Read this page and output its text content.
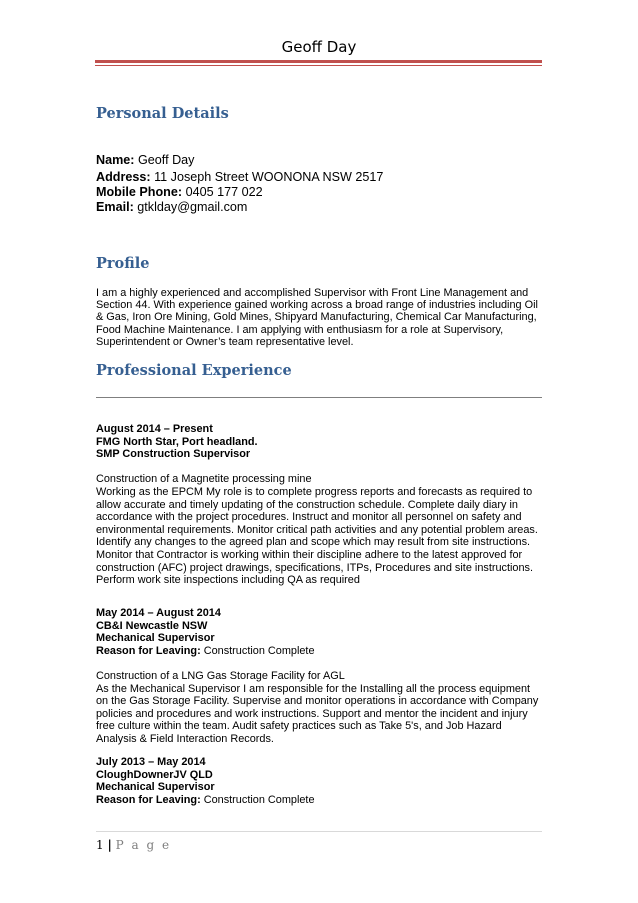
Geoff Day
Personal Details
Name: Geoff Day
Address: 11 Joseph Street WOONONA NSW 2517
Mobile Phone: 0405 177 022
Email: gtklday@gmail.com
Profile
I am a highly experienced and accomplished Supervisor with Front Line Management and Section 44. With experience gained working across a broad range of industries including Oil & Gas, Iron Ore Mining, Gold Mines, Shipyard Manufacturing, Chemical Car Manufacturing, Food Machine Maintenance. I am applying with enthusiasm for a role at Supervisory, Superintendent or Owner’s team representative level.
Professional Experience
August 2014 – Present
FMG North Star, Port headland.
SMP Construction Supervisor
Construction of a Magnetite processing mine
Working as the EPCM My role is to complete progress reports and forecasts as required to allow accurate and timely updating of the construction schedule. Complete daily diary in accordance with the project procedures. Instruct and monitor all personnel on safety and environmental requirements. Monitor critical path activities and any potential problem areas. Identify any changes to the agreed plan and scope which may result from site instructions. Monitor that Contractor is working within their discipline adhere to the latest approved for construction (AFC) project drawings, specifications, ITPs, Procedures and site instructions. Perform work site inspections including QA as required
May 2014 – August 2014
CB&I Newcastle NSW
Mechanical Supervisor
Reason for Leaving: Construction Complete
Construction of a LNG Gas Storage Facility for AGL
As the Mechanical Supervisor I am responsible for the Installing all the process equipment on the Gas Storage Facility. Supervise and monitor operations in accordance with Company policies and procedures and work instructions. Support and mentor the incident and injury free culture within the team. Audit safety practices such as Take 5's, and Job Hazard Analysis & Field Interaction Records.
July 2013 – May 2014
CloughDownerJV QLD
Mechanical Supervisor
Reason for Leaving: Construction Complete
1 | P a g e
